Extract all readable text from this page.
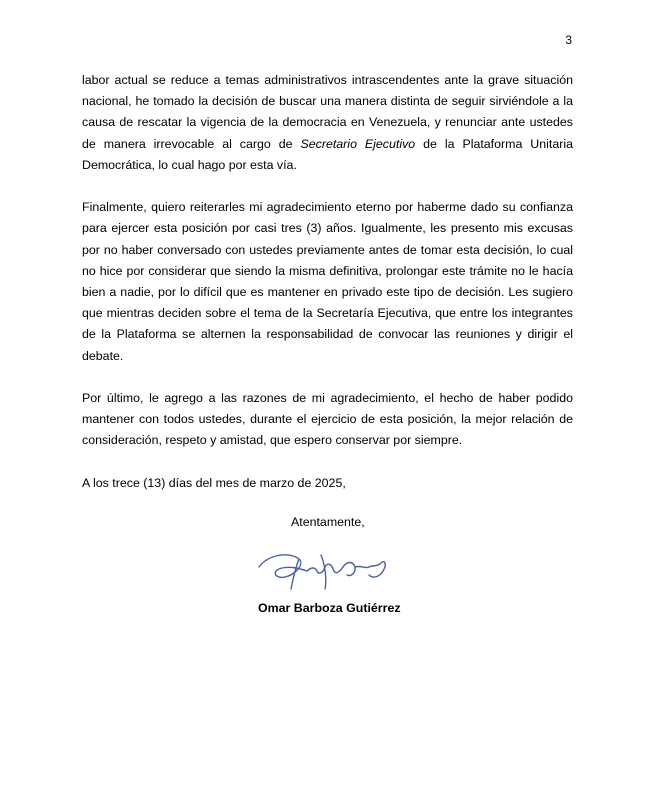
3

labor actual se reduce a temas administrativos intrascendentes ante la grave situación nacional, he tomado la decisión de buscar una manera distinta de seguir sirviéndole a la causa de rescatar la vigencia de la democracia en Venezuela, y renunciar ante ustedes de manera irrevocable al cargo de Secretario Ejecutivo de la Plataforma Unitaria Democrática, lo cual hago por esta vía.

Finalmente, quiero reiterarles mi agradecimiento eterno por haberme dado su confianza para ejercer esta posición por casi tres (3) años. Igualmente, les presento mis excusas por no haber conversado con ustedes previamente antes de tomar esta decisión, lo cual no hice por considerar que siendo la misma definitiva, prolongar este trámite no le hacía bien a nadie, por lo difícil que es mantener en privado este tipo de decisión. Les sugiero que mientras deciden sobre el tema de la Secretaría Ejecutiva, que entre los integrantes de la Plataforma se alternen la responsabilidad de convocar las reuniones y dirigir el debate.

Por último, le agrego a las razones de mi agradecimiento, el hecho de haber podido mantener con todos ustedes, durante el ejercicio de esta posición, la mejor relación de consideración, respeto y amistad, que espero conservar por siempre.

A los trece (13) días del mes de marzo de 2025,

Atentamente,
Omar Barboza Gutiérrez
